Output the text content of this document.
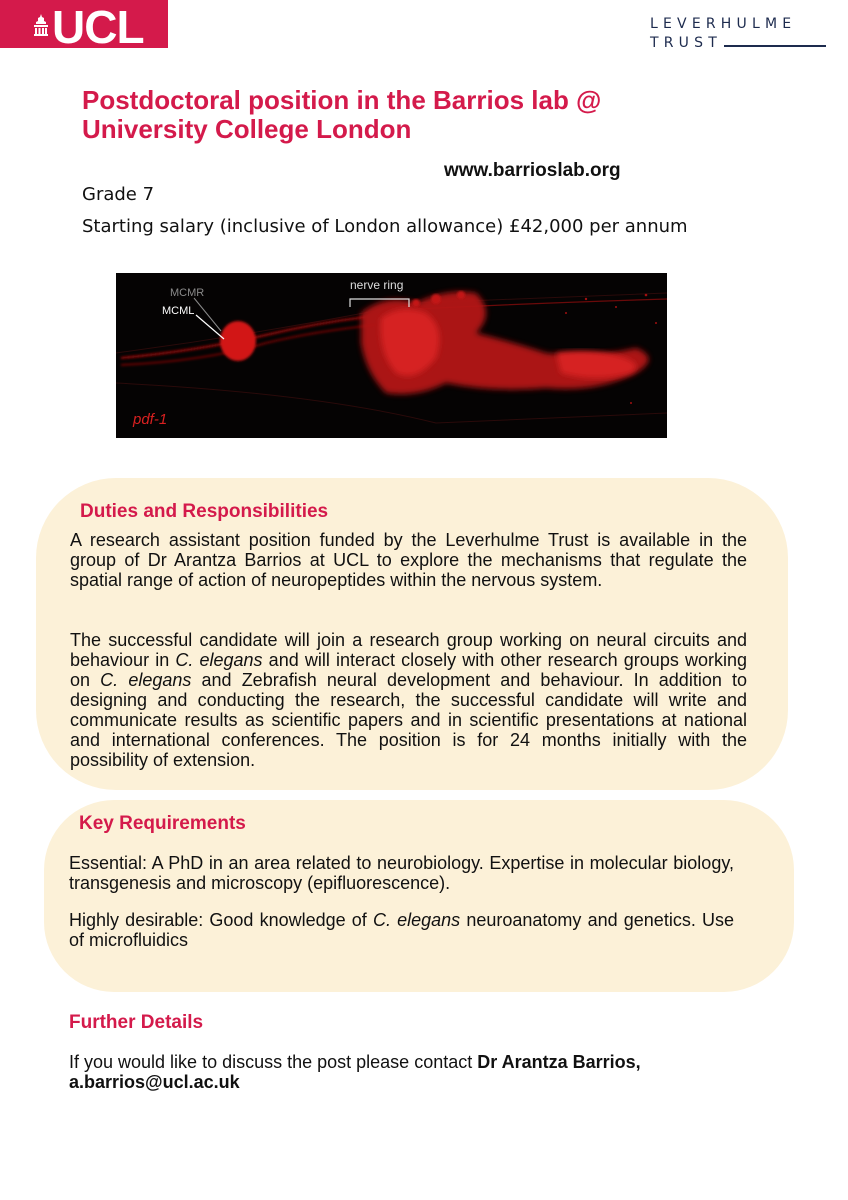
UCL	LEVERHULME
TRUST
Postdoctoral position in the Barrios lab @
University College London
www.barrioslab.org
Grade 7
Starting salary (inclusive of London allowance) £42,000 per annum
MCMR
MCML
nerve ring
pdf-1
Duties and Responsibilities
A research assistant position funded by the Leverhulme Trust is available in the group of Dr Arantza Barrios at UCL to explore the mechanisms that regulate the spatial range of action of neuropeptides within the nervous system.
The successful candidate will join a research group working on neural circuits and behaviour in C. elegans and will interact closely with other research groups working on C. elegans and Zebrafish neural development and behaviour. In addition to designing and conducting the research, the successful candidate will write and communicate results as scientific papers and in scientific presentations at national and international conferences. The position is for 24 months initially with the possibility of extension.
Key Requirements
Essential: A PhD in an area related to neurobiology. Expertise in molecular biology, transgenesis and microscopy (epifluorescence).
Highly desirable: Good knowledge of C. elegans neuroanatomy and genetics. Use of microfluidics
Further Details
If you would like to discuss the post please contact Dr Arantza Barrios,
a.barrios@ucl.ac.uk
